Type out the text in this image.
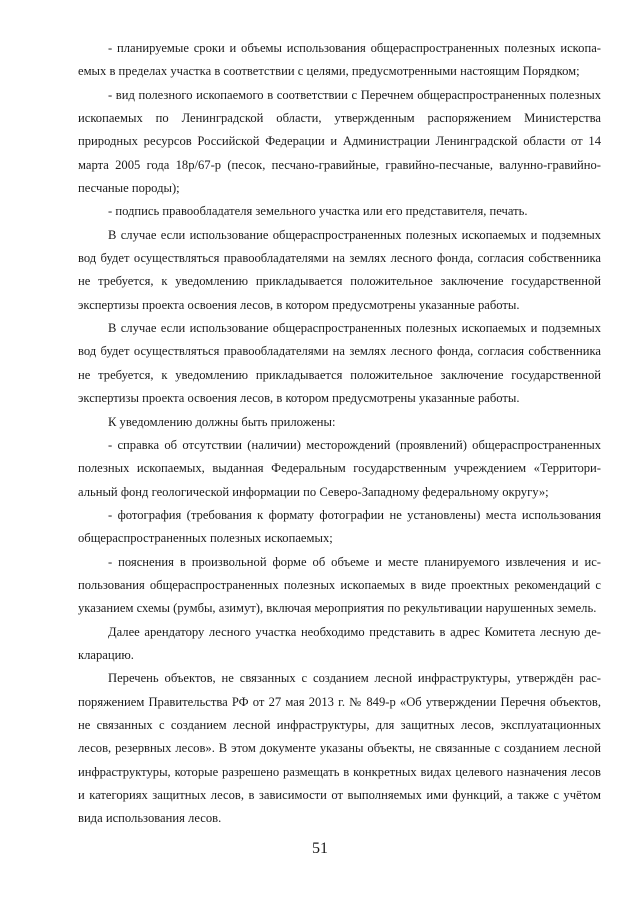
- планируемые сроки и объемы использования общераспространенных полезных ископаемых в пределах участка в соответствии с целями, предусмотренными настоящим Порядком;

- вид полезного ископаемого в соответствии с Перечнем общераспространенных полезных ископаемых по Ленинградской области, утвержденным распоряжением Министерства природных ресурсов Российской Федерации и Администрации Ленинградской области от 14 марта 2005 года 18р/67-р (песок, песчано-гравийные, гравийно-песчаные, валунно-гравийно-песчаные породы);

- подпись правообладателя земельного участка или его представителя, печать.

В случае если использование общераспространенных полезных ископаемых и подземных вод будет осуществляться правообладателями на землях лесного фонда, согласия собственника не требуется, к уведомлению прикладывается положительное заключение государственной экспертизы проекта освоения лесов, в котором предусмотрены указанные работы.

В случае если использование общераспространенных полезных ископаемых и подземных вод будет осуществляться правообладателями на землях лесного фонда, согласия собственника не требуется, к уведомлению прикладывается положительное заключение государственной экспертизы проекта освоения лесов, в котором предусмотрены указанные работы.

К уведомлению должны быть приложены:

- справка об отсутствии (наличии) месторождений (проявлений) общераспространенных полезных ископаемых, выданная Федеральным государственным учреждением «Территориальный фонд геологической информации по Северо-Западному федеральному округу»;

- фотография (требования к формату фотографии не установлены) места использования общераспространенных полезных ископаемых;

- пояснения в произвольной форме об объеме и месте планируемого извлечения и использования общераспространенных полезных ископаемых в виде проектных рекомендаций с указанием схемы (румбы, азимут), включая мероприятия по рекультивации нарушенных земель.

Далее арендатору лесного участка необходимо представить в адрес Комитета лесную декларацию.

Перечень объектов, не связанных с созданием лесной инфраструктуры, утверждён распоряжением Правительства РФ от 27 мая 2013 г. № 849-р «Об утверждении Перечня объектов, не связанных с созданием лесной инфраструктуры, для защитных лесов, эксплуатационных лесов, резервных лесов». В этом документе указаны объекты, не связанные с созданием лесной инфраструктуры, которые разрешено размещать в конкретных видах целевого назначения лесов и категориях защитных лесов, в зависимости от выполняемых ими функций, а также с учётом вида использования лесов.

51
